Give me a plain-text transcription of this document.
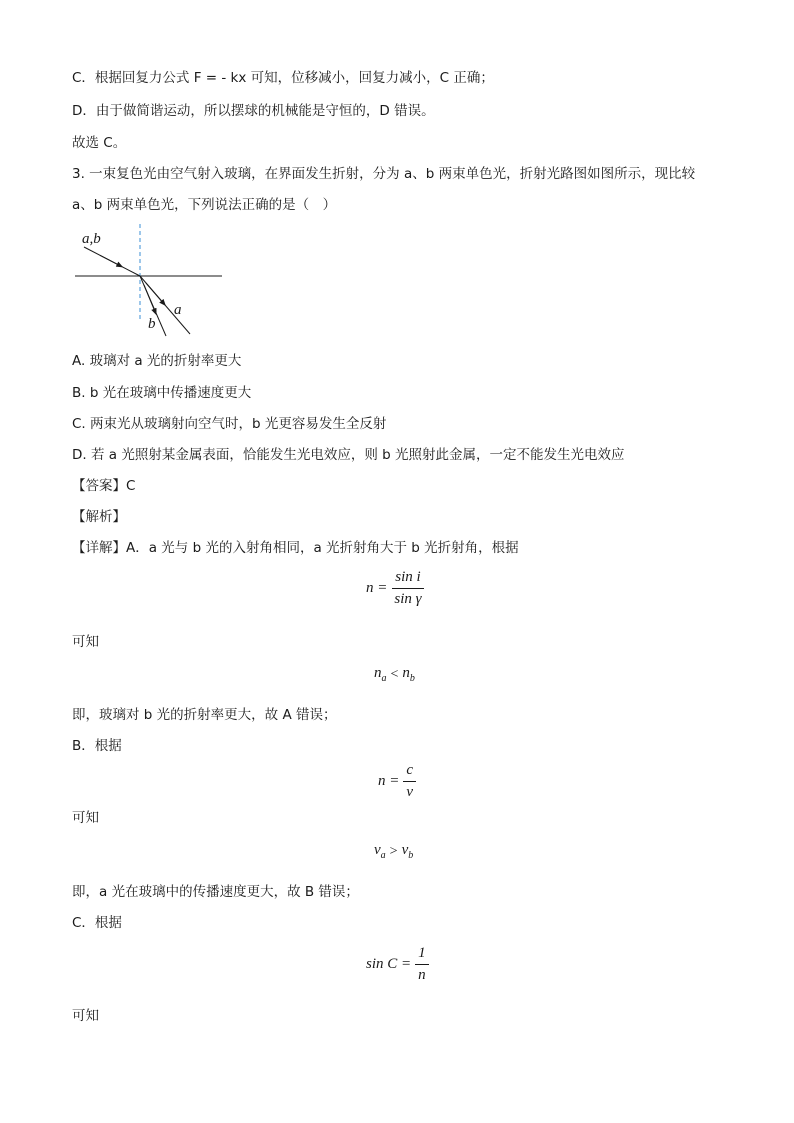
C．根据回复力公式 F = - kx 可知，位移减小，回复力减小，C 正确；
D．由于做简谐运动，所以摆球的机械能是守恒的，D 错误。
故选 C。
3. 一束复色光由空气射入玻璃，在界面发生折射，分为 a、b 两束单色光，折射光路图如图所示，现比较
a、b 两束单色光，下列说法正确的是（　）
a,b
a
b
A. 玻璃对 a 光的折射率更大
B. b 光在玻璃中传播速度更大
C. 两束光从玻璃射向空气时，b 光更容易发生全反射
D. 若 a 光照射某金属表面，恰能发生光电效应，则 b 光照射此金属，一定不能发生光电效应
【答案】C
【解析】
【详解】A．a 光与 b 光的入射角相同，a 光折射角大于 b 光折射角，根据
$n = \frac{\text{sin i}}{\text{sin γ}}$
可知
$n_a < n_b$
即，玻璃对 b 光的折射率更大，故 A 错误；
B．根据
$n = \frac{c}{v}$
可知
$v_a > v_b$
即，a 光在玻璃中的传播速度更大，故 B 错误；
C．根据
$\sin C = \frac{1}{n}$
可知
